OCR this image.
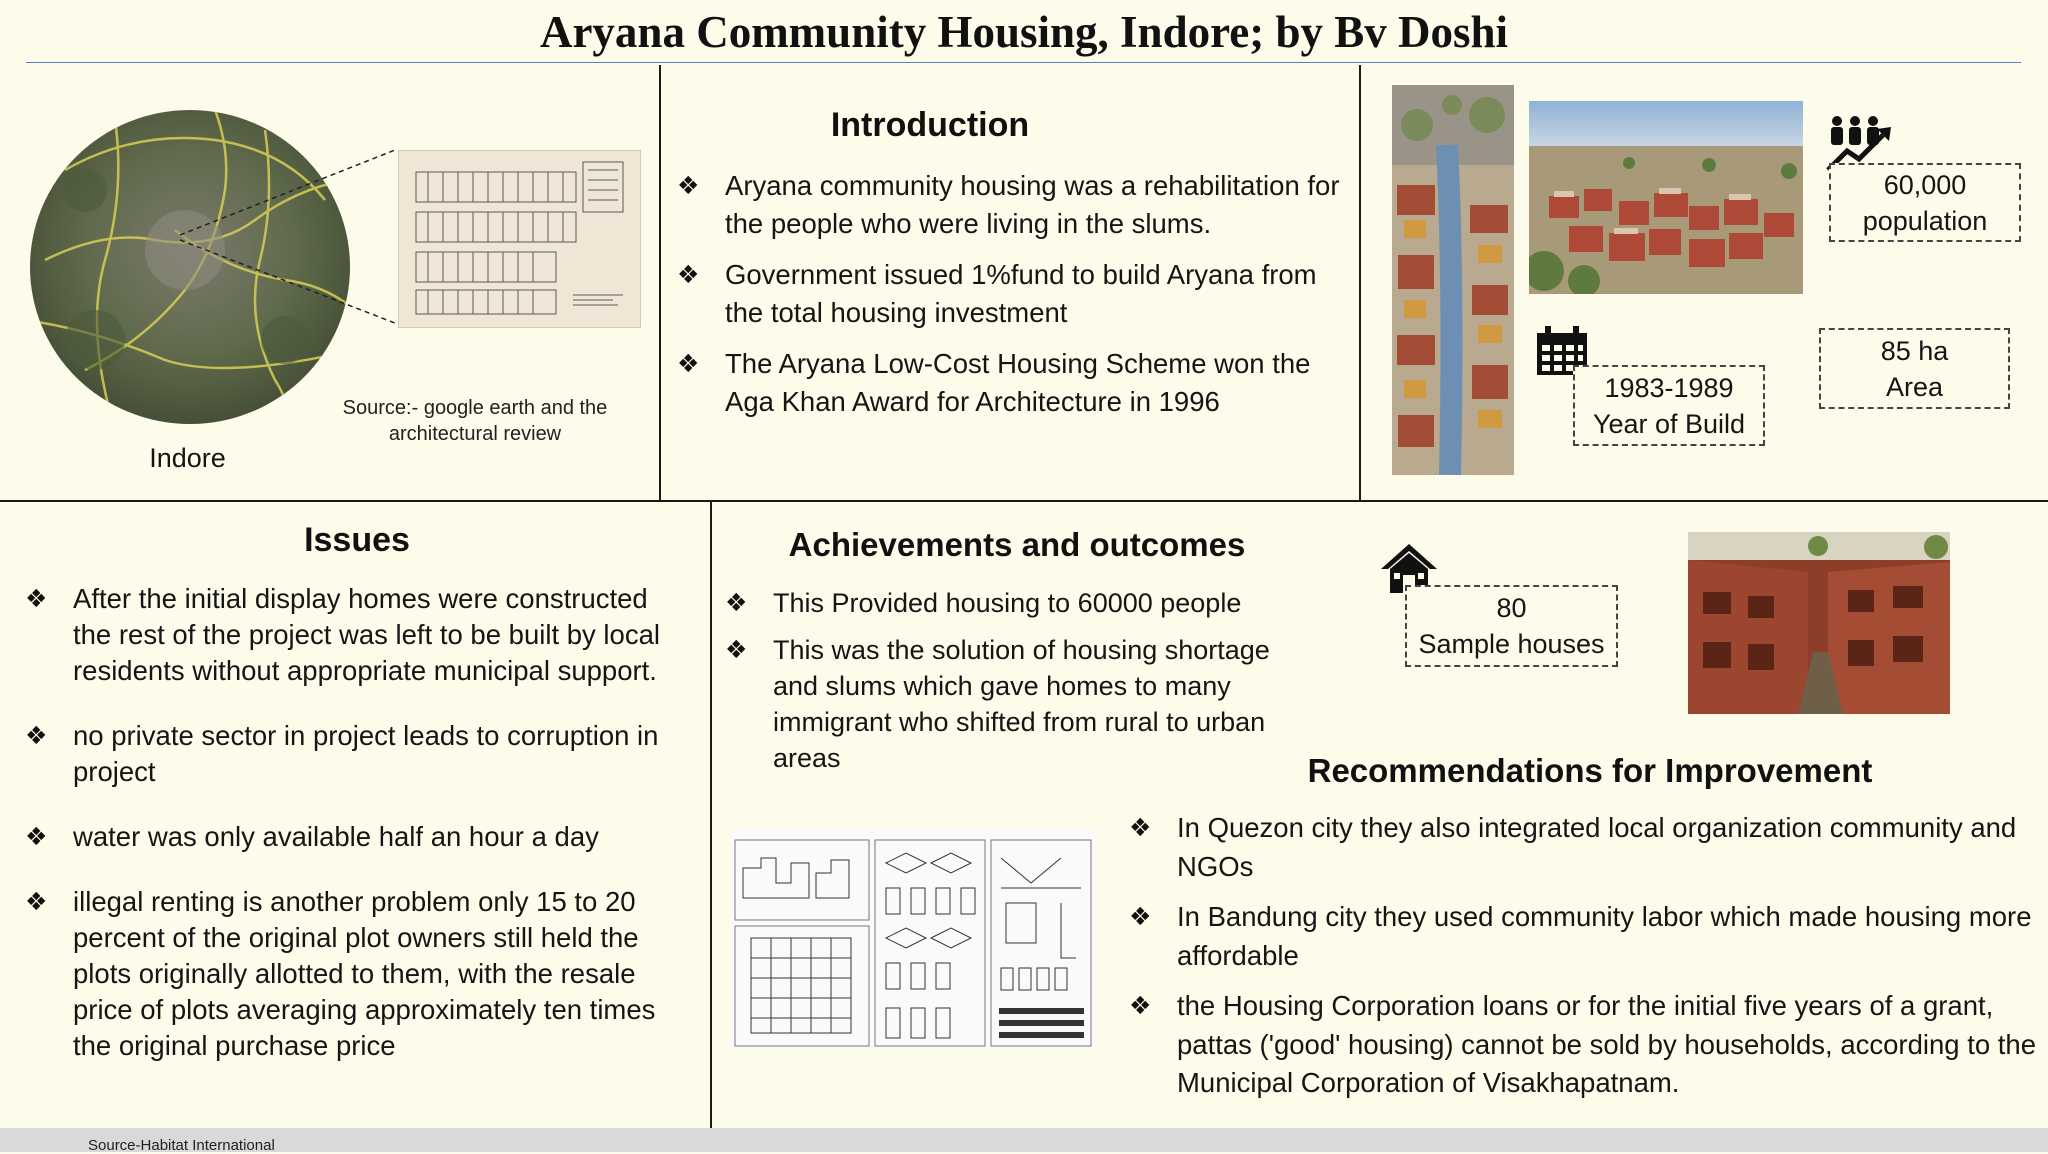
Aryana Community Housing, Indore; by Bv Doshi
Source:- google earth and the
architectural review
Indore
Introduction
❖ Aryana community housing was a rehabilitation for the people who were living in the slums.
❖ Government issued 1%fund to build Aryana from the total housing investment
❖ The Aryana Low-Cost Housing Scheme won the Aga Khan Award for Architecture in 1996
60,000
population
1983-1989
Year of Build
85 ha
Area
Issues
❖ After the initial display homes were constructed the rest of the project was left to be built by local residents without appropriate municipal support.
❖ no private sector in project leads to corruption in project
❖ water was only available half an hour a day
❖ illegal renting is another problem only 15 to 20 percent of the original plot owners still held the plots originally allotted to them, with the resale price of plots averaging approximately ten times the original purchase price
Achievements and outcomes
❖ This Provided housing to 60000 people
❖ This was the solution of housing shortage and slums which gave homes to many immigrant who shifted from rural to urban areas
80
Sample houses
Recommendations for Improvement
❖ In Quezon city they also integrated local organization community and NGOs
❖ In Bandung city they used community labor which made housing more affordable
❖ the Housing Corporation loans or for the initial five years of a grant, pattas ('good' housing) cannot be sold by households, according to the Municipal Corporation of Visakhapatnam.
Source-Habitat International
